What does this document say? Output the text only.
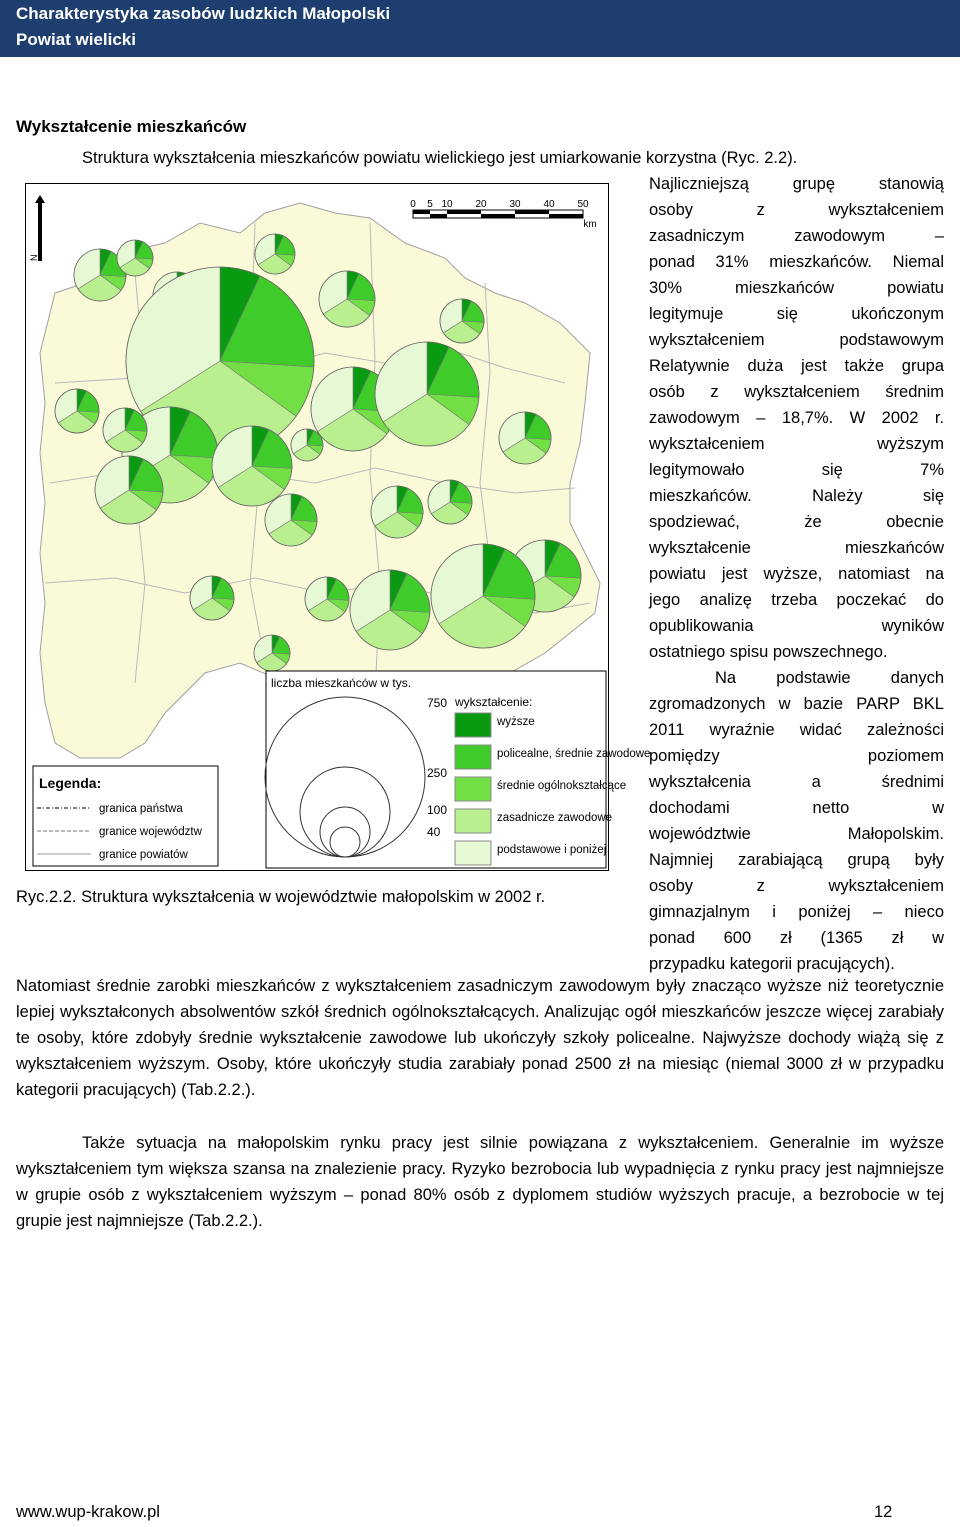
Charakterystyka zasobów ludzkich Małopolski
Powiat wielicki
Wykształcenie mieszkańców
Struktura wykształcenia mieszkańców powiatu wielickiego jest umiarkowanie korzystna (Ryc. 2.2).
Najliczniejszą grupę stanowią
osoby z wykształceniem
zasadniczym zawodowym –
ponad 31% mieszkańców. Niemal
30% mieszkańców powiatu
legitymuje się ukończonym
wykształceniem podstawowym
Relatywnie duża jest także grupa
osób z wykształceniem średnim
zawodowym – 18,7%. W 2002 r.
wykształceniem wyższym
legitymowało się 7%
mieszkańców. Należy się
spodziewać, że obecnie
wykształcenie mieszkańców
powiatu jest wyższe, natomiast na
jego analizę trzeba poczekać do
opublikowania wyników
ostatniego spisu powszechnego.
Na podstawie danych
zgromadzonych w bazie PARP BKL
2011 wyraźnie widać zależności
pomiędzy poziomem
wykształcenia a średnimi
dochodami netto w
województwie Małopolskim.
Najmniej zarabiającą grupą były
osoby z wykształceniem
gimnazjalnym i poniżej – nieco
ponad 600 zł (1365 zł w
przypadku kategorii pracujących).
N
0 5 10 20 30 40 50
km
Legenda:
granica państwa
granice województw
granice powiatów
liczba mieszkańców w tys.
750
250
100
40
wykształcenie:
wyższe
policealne, średnie zawodowe
średnie ogólnokształcące
zasadnicze zawodowe
podstawowe i poniżej
Ryc.2.2. Struktura wykształcenia w województwie małopolskim w 2002 r.
Natomiast średnie zarobki mieszkańców z wykształceniem zasadniczym zawodowym były znacząco wyższe niż teoretycznie lepiej wykształconych absolwentów szkół średnich ogólnokształcących. Analizując ogół mieszkańców jeszcze więcej zarabiały te osoby, które zdobyły średnie wykształcenie zawodowe lub ukończyły szkoły policealne. Najwyższe dochody wiążą się z wykształceniem wyższym. Osoby, które ukończyły studia zarabiały ponad 2500 zł na miesiąc (niemal 3000 zł w przypadku kategorii pracujących) (Tab.2.2.).
Także sytuacja na małopolskim rynku pracy jest silnie powiązana z wykształceniem. Generalnie im wyższe wykształceniem tym większa szansa na znalezienie pracy. Ryzyko bezrobocia lub wypadnięcia z rynku pracy jest najmniejsze w grupie osób z wykształceniem wyższym – ponad 80% osób z dyplomem studiów wyższych pracuje, a bezrobocie w tej grupie jest najmniejsze (Tab.2.2.).
www.wup-krakow.pl	12
